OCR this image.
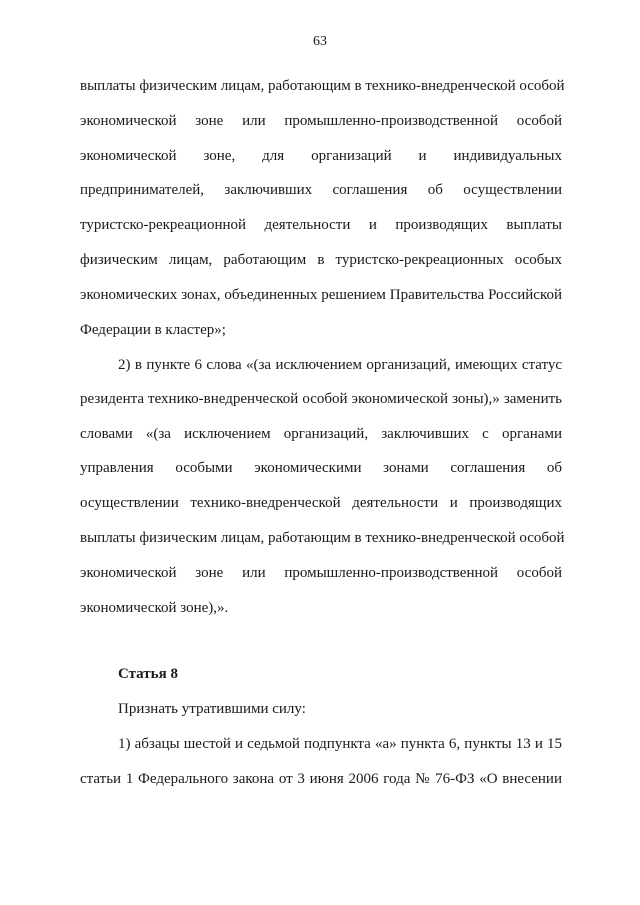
63
выплаты физическим лицам, работающим в технико-внедренческой особой
экономической зоне или промышленно-производственной особой
экономической зоне, для организаций и индивидуальных
предпринимателей, заключивших соглашения об осуществлении
туристско-рекреационной деятельности и производящих выплаты
физическим лицам, работающим в туристско-рекреационных особых
экономических зонах, объединенных решением Правительства Российской
Федерации в кластер»;
2) в пункте 6 слова «(за исключением организаций, имеющих статус
резидента технико-внедренческой особой экономической зоны),» заменить
словами «(за исключением организаций, заключивших с органами
управления особыми экономическими зонами соглашения об
осуществлении технико-внедренческой деятельности и производящих
выплаты физическим лицам, работающим в технико-внедренческой особой
экономической зоне или промышленно-производственной особой
экономической зоне),».
Статья 8
Признать утратившими силу:
1) абзацы шестой и седьмой подпункта «а» пункта 6, пункты 13 и 15
статьи 1 Федерального закона от 3 июня 2006 года № 76-ФЗ «О внесении
